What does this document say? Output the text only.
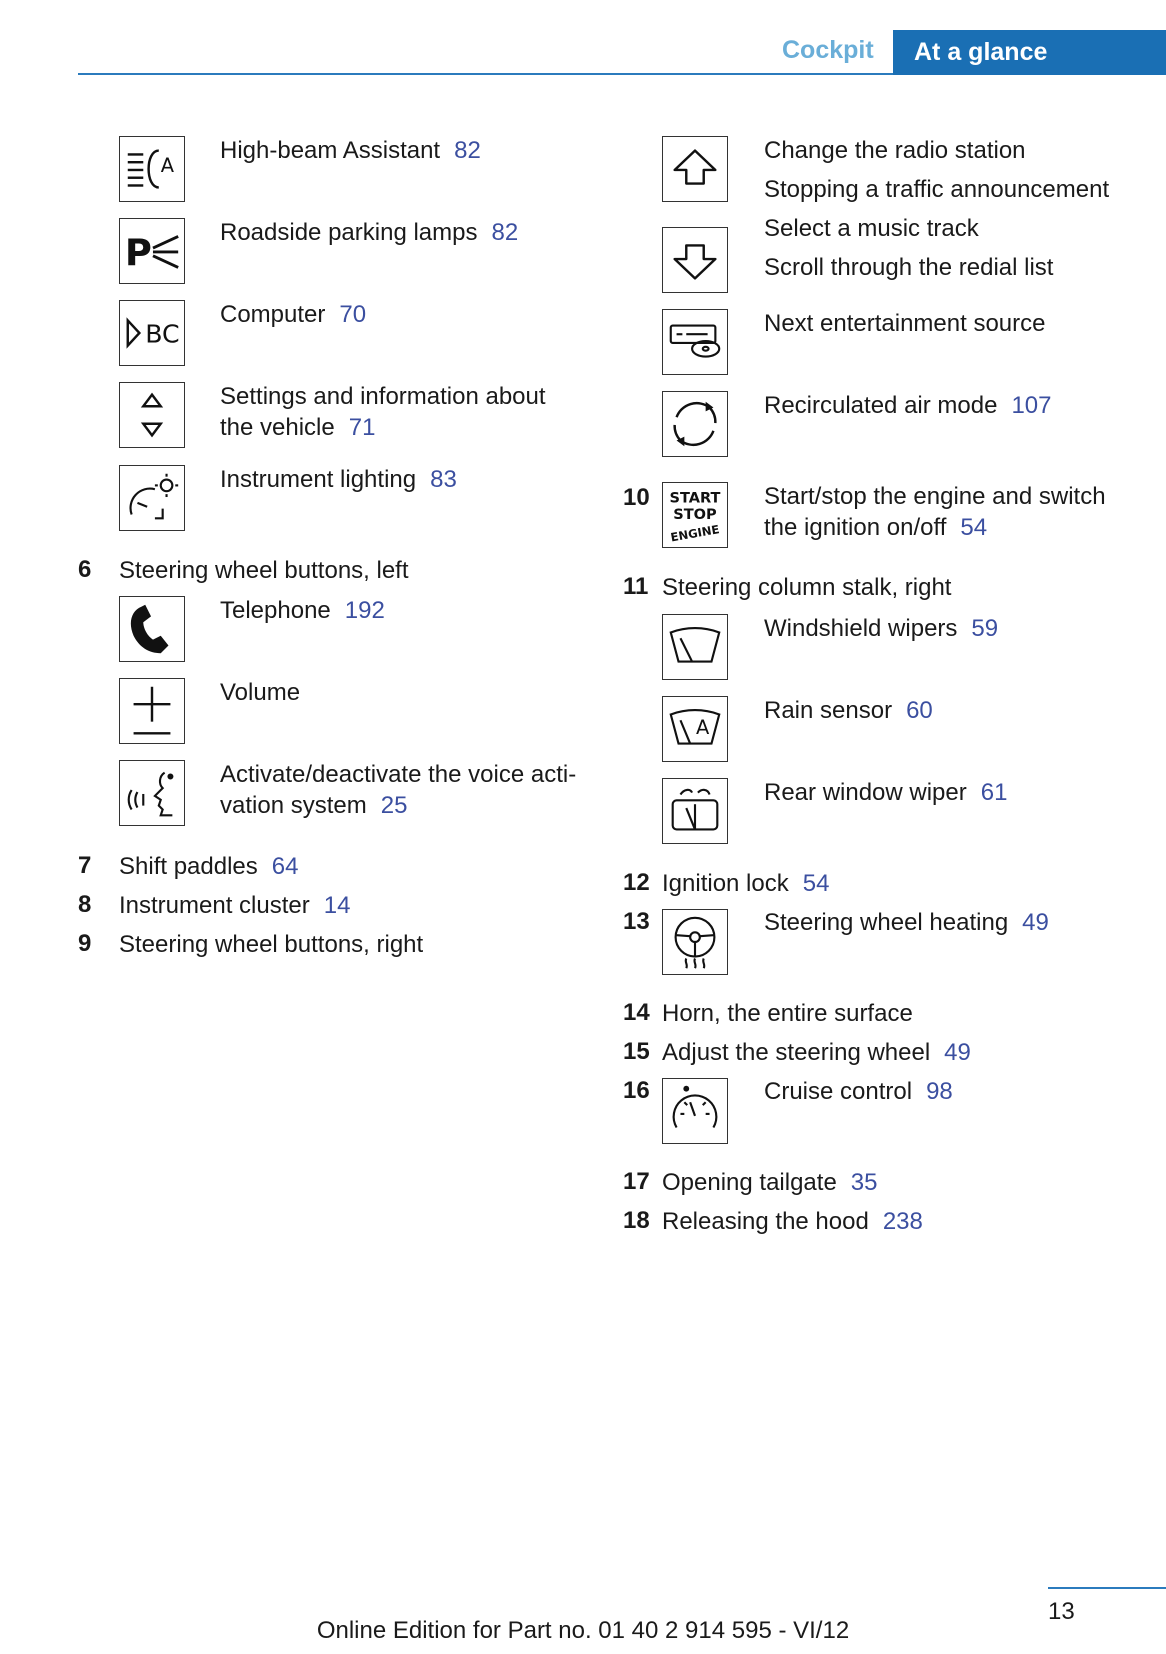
Cockpit At a glance
A
High-beam Assistant 82
P	Roadside parking lamps 82
BC
Computer 70
Settings and information about
the vehicle 71
Instrument lighting 83
6 Steering wheel buttons, left
Telephone 192
Volume
Activate/deactivate the voice acti-
vation system 25
7 Shift paddles 64
8 Instrument cluster 14
9 Steering wheel buttons, right
Change the radio station
Stopping a traffic announcement
Select a music track
Scroll through the redial list
Next entertainment source
Recirculated air mode 107
10 START
STOP
ENGINE
Start/stop the engine and switch
the ignition on/off 54
11 Steering column stalk, right
Windshield wipers 59
A
Rain sensor 60
Rear window wiper 61
12 Ignition lock 54
13	Steering wheel heating 49
14 Horn, the entire surface
15 Adjust the steering wheel 49
16	Cruise control 98
17 Opening tailgate 35
18 Releasing the hood 238
13
Online Edition for Part no. 01 40 2 914 595 - VI/12
